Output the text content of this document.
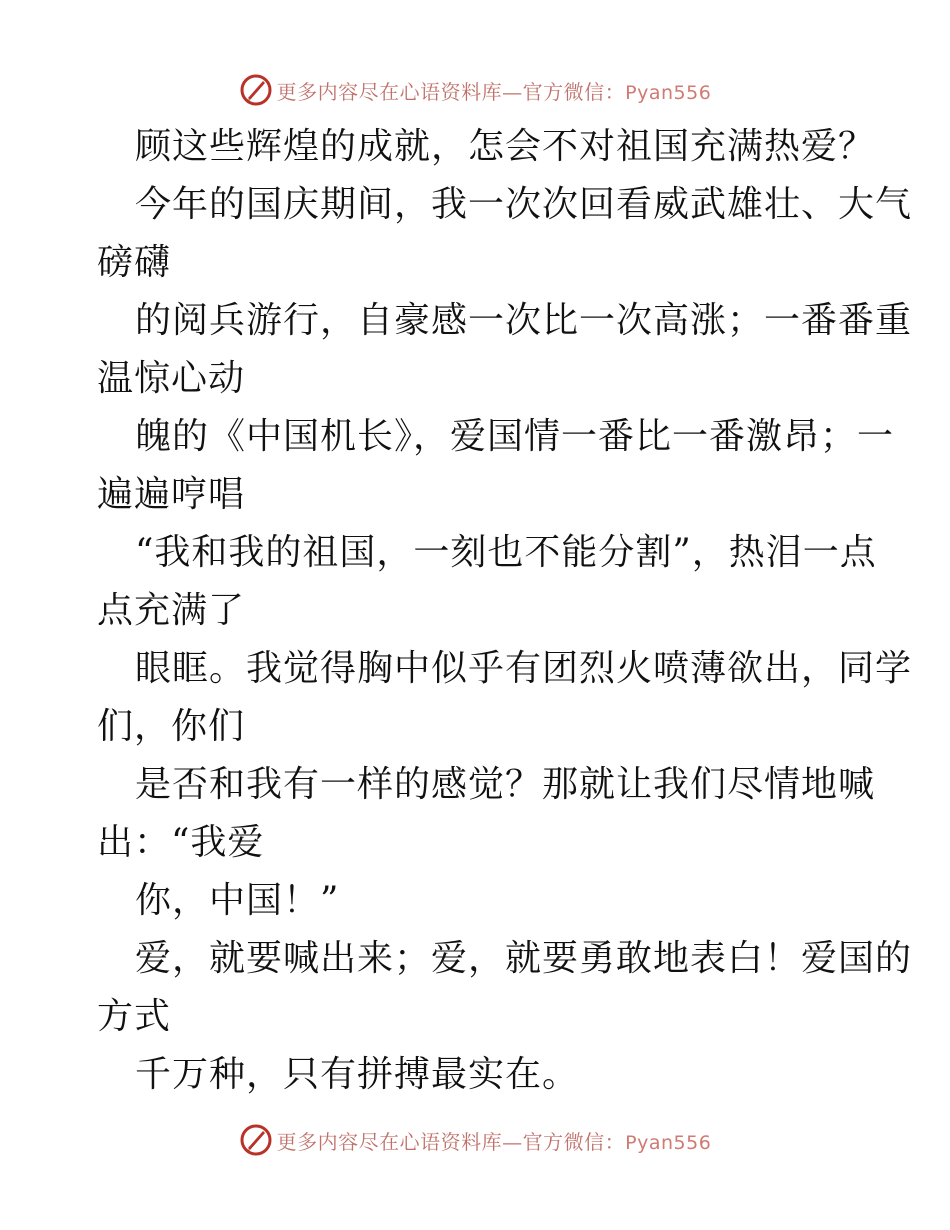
更多内容尽在心语资料库—官方微信：Pyan556
顾这些辉煌的成就，怎会不对祖国充满热爱？
今年的国庆期间，我一次次回看威武雄壮、大气
磅礴
的阅兵游行，自豪感一次比一次高涨；一番番重
温惊心动
魄的《中国机长》，爱国情一番比一番激昂；一
遍遍哼唱
“我和我的祖国，一刻也不能分割”，热泪一点
点充满了
眼眶。我觉得胸中似乎有团烈火喷薄欲出，同学
们，你们
是否和我有一样的感觉？那就让我们尽情地喊
出：“我爱
你，中国！”
爱，就要喊出来；爱，就要勇敢地表白！爱国的
方式
千万种，只有拼搏最实在。
更多内容尽在心语资料库—官方微信：Pyan556
